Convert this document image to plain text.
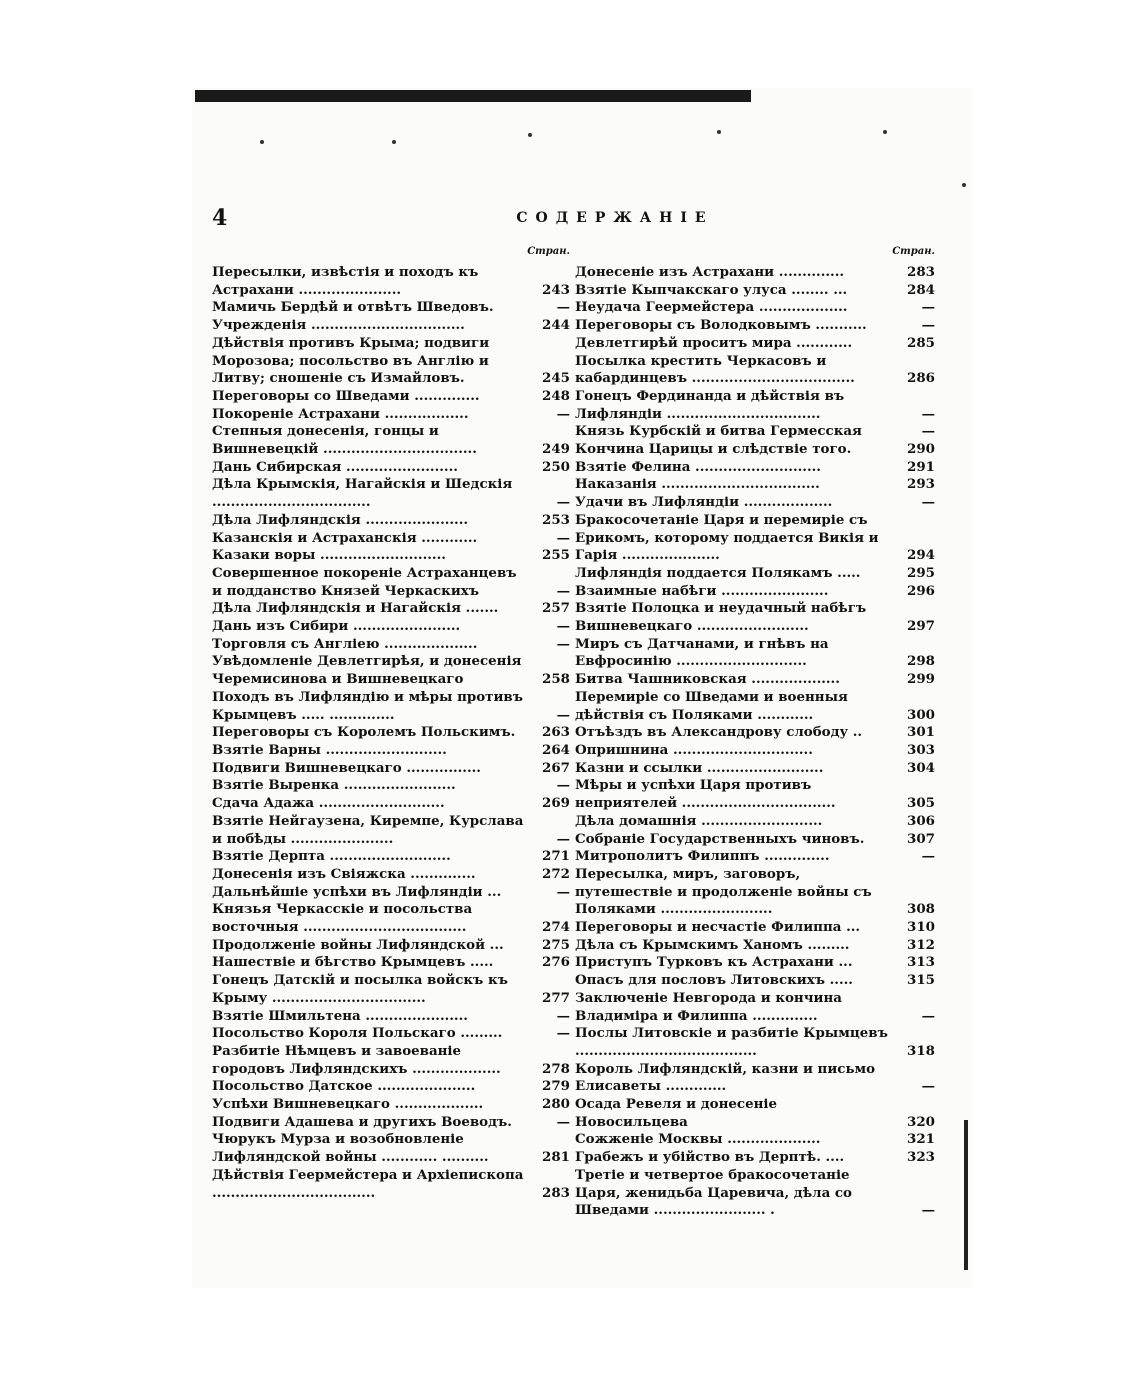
4	СОДЕРЖАНІЕ
Стран.
Пересылки, извѣстія и походъ къ Астрахани ......................	243
Мамичь Бердѣй и отвѣтъ Шведовъ.	—
Учрежденія .................................	244
Дѣйствія противъ Крыма; подвиги Морозова; посольство въ Англію и Литву; сношеніе съ Измайловъ.	245
Переговоры со Шведами ..............	248
Покореніе Астрахани ..................	—
Степныя донесенія, гонцы и Вишневецкій .................................	249
Дань Сибирская ........................	250
Дѣла Крымскія, Нагайскія и Шедскія ..................................	—
Дѣла Лифляндскія ......................	253
Казанскія и Астраханскія ............	—
Казаки воры ...........................	255
Совершенное покореніе Астраханцевъ и подданство Князей Черкаскихъ	—
Дѣла Лифляндскія и Нагайскія .......	257
Дань изъ Сибири .......................	—
Торговля съ Англіею ....................	—
Увѣдомленіе Девлетгирѣя, и донесенія Черемисинова и Вишневецкаго	258
Походъ въ Лифляндію и мѣры противъ Крымцевъ ..... ..............	—
Переговоры съ Королемъ Польскимъ.	263
Взятіе Варны ..........................	264
Подвиги Вишневецкаго ................	267
Взятіе Выренка ........................	—
Сдача Адажа ...........................	269
Взятіе Нейгаузена, Киремпе, Курслава и побѣды ......................	—
Взятіе Дерпта ..........................	271
Донесенія изъ Свіяжска ..............	272
Дальнѣйшіе успѣхи въ Лифляндіи ...	—
Князья Черкасскіе и посольства восточныя ...................................	274
Продолженіе войны Лифляндской ...	275
Нашествіе и бѣгство Крымцевъ .....	276
Гонецъ Датскій и посылка войскъ къ Крыму .................................	277
Взятіе Шмильтена ......................	—
Посольство Короля Польскаго .........	—
Разбитіе Нѣмцевъ и завоеваніе городовъ Лифляндскихъ ...................	278
Посольство Датское .....................	279
Успѣхи Вишневецкаго ...................	280
Подвиги Адашева и другихъ Воеводъ.	—
Чюрукъ Мурза и возобновленіе Лифляндской войны ............ ..........	281
Дѣйствія Геермейстера и Архіепископа ...................................	283
Стран.
Донесеніе изъ Астрахани ..............	283
Взятіе Кыпчакскаго улуса ........ ...	284
Неудача Геермейстера ...................	—
Переговоры съ Володковымъ ...........	—
Девлетгирѣй проситъ мира ............	285
Посылка крестить Черкасовъ и кабардинцевъ ...................................	286
Гонецъ Фердинанда и дѣйствія въ Лифляндіи .................................	—
Князь Курбскій и битва Гермесская	—
Кончина Царицы и слѣдствіе того.	290
Взятіе Фелина ...........................	291
Наказанія ..................................	293
Удачи въ Лифляндіи ...................	—
Бракосочетаніе Царя и перемиріе съ Ерикомъ, которому поддается Викія и Гарія .....................	294
Лифляндія поддается Полякамъ .....	295
Взаимные набѣги .......................	296
Взятіе Полоцка и неудачный набѣгъ Вишневецкаго ........................	297
Миръ съ Датчанами, и гнѣвъ на Евфросинію ............................	298
Битва Чашниковская ...................	299
Перемиріе со Шведами и военныя дѣйствія съ Поляками ............	300
Отъѣздъ въ Александрову слободу ..	301
Опришнина ..............................	303
Казни и ссылки .........................	304
Мѣры и успѣхи Царя противъ неприятелей .................................	305
Дѣла домашнія ..........................	306
Собраніе Государственныхъ чиновъ.	307
Митрополитъ Филиппъ ..............	—
Пересылка, миръ, заговоръ, путешествіе и продолженіе войны съ Поляками ........................	308
Переговоры и несчастіе Филиппа ...	310
Дѣла съ Крымскимъ Ханомъ .........	312
Приступъ Турковъ къ Астрахани ...	313
Опасъ для пословъ Литовскихъ .....	315
Заключеніе Невгорода и кончина Владиміра и Филиппа ..............	—
Послы Литовскіе и разбитіе Крымцевъ .......................................	318
Король Лифляндскій, казни и письмо Елисаветы .............	—
Осада Ревеля и донесеніе Новосильцева	320
Сожженіе Москвы ....................	321
Грабежъ и убійство въ Дерптѣ. ....	323
Третіе и четвертое бракосочетаніе Царя, женидьба Царевича, дѣла со Шведами ........................ .	—
